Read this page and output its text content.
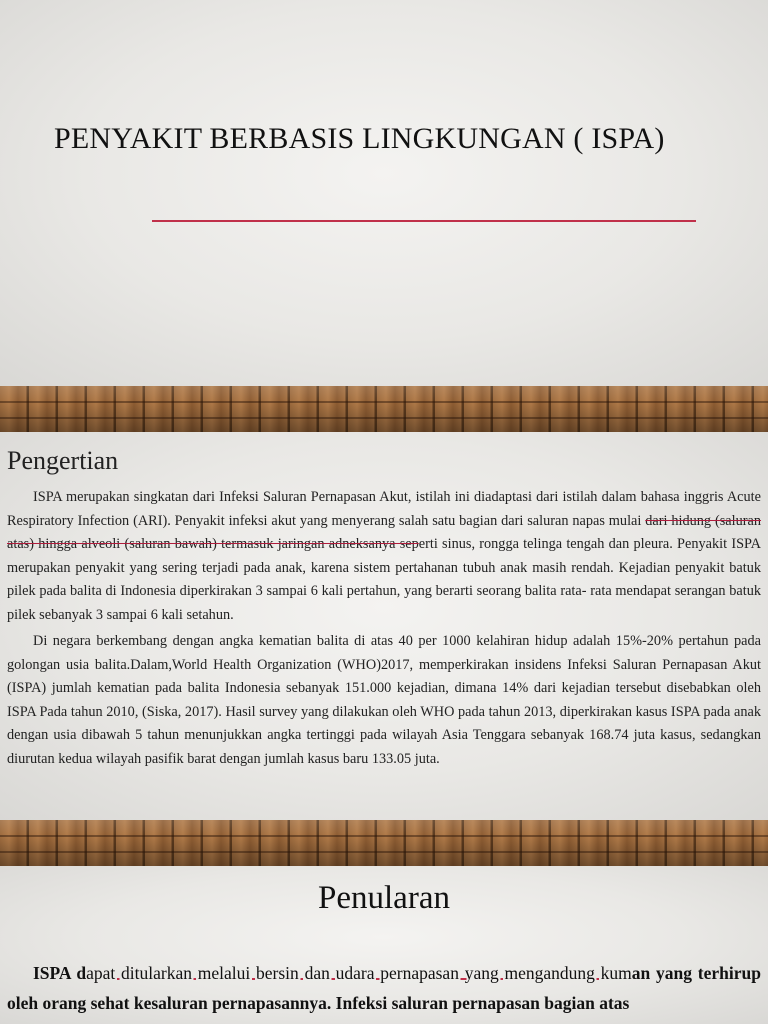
PENYAKIT BERBASIS LINGKUNGAN ( ISPA)
Pengertian
ISPA merupakan singkatan dari Infeksi Saluran Pernapasan Akut, istilah ini diadaptasi dari istilah dalam bahasa inggris Acute Respiratory Infection (ARI). Penyakit infeksi akut yang menyerang salah satu bagian dari saluran napas mulai dari hidung (saluran atas) hingga alveoli (saluran bawah) termasuk jaringan adneksanya seperti sinus, rongga telinga tengah dan pleura. Penyakit ISPA merupakan penyakit yang sering terjadi pada anak, karena sistem pertahanan tubuh anak masih rendah. Kejadian penyakit batuk pilek pada balita di Indonesia diperkirakan 3 sampai 6 kali pertahun, yang berarti seorang balita rata- rata mendapat serangan batuk pilek sebanyak 3 sampai 6 kali setahun.
Di negara berkembang dengan angka kematian balita di atas 40 per 1000 kelahiran hidup adalah 15%-20% pertahun pada golongan usia balita.Dalam,World Health Organization (WHO)2017, memperkirakan insidens Infeksi Saluran Pernapasan Akut (ISPA) jumlah kematian pada balita Indonesia sebanyak 151.000 kejadian, dimana 14% dari kejadian tersebut disebabkan oleh ISPA Pada tahun 2010, (Siska, 2017). Hasil survey yang dilakukan oleh WHO pada tahun 2013, diperkirakan kasus ISPA pada anak dengan usia dibawah 5 tahun menunjukkan angka tertinggi pada wilayah Asia Tenggara sebanyak 168.74 juta kasus, sedangkan diurutan kedua wilayah pasifik barat dengan jumlah kasus baru 133.05 juta.
Penularan
ISPA dapat ditularkan melalui bersin dan udara pernapasan yang mengandung kuman yang terhirup oleh orang sehat kesaluran pernapasannya. Infeksi saluran pernapasan bagian atas
